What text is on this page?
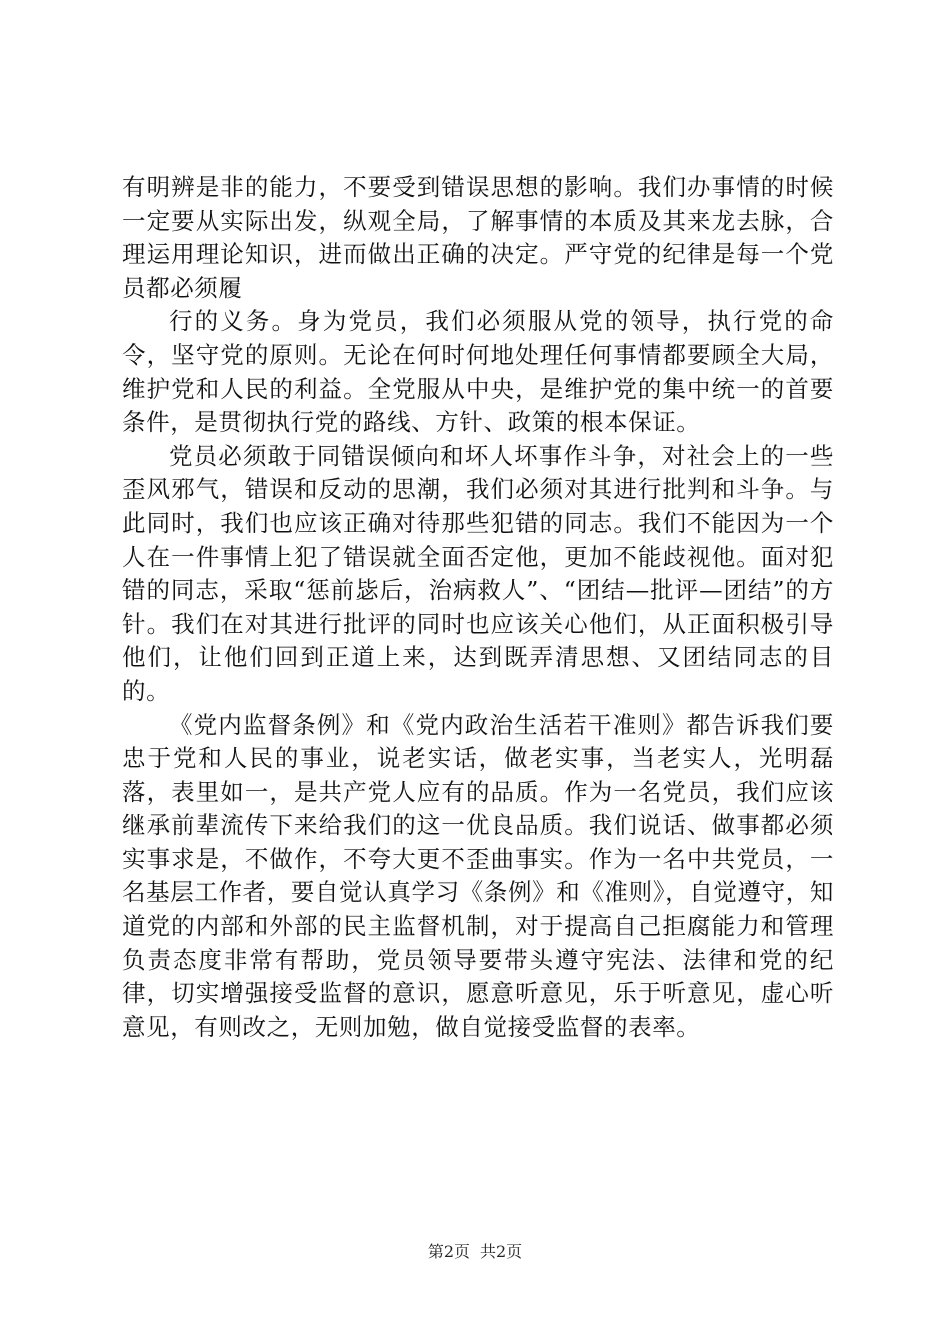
有明辨是非的能力，不要受到错误思想的影响。我们办事情的时候一定要从实际出发，纵观全局，了解事情的本质及其来龙去脉，合理运用理论知识，进而做出正确的决定。严守党的纪律是每一个党员都必须履

行的义务。身为党员，我们必须服从党的领导，执行党的命令，坚守党的原则。无论在何时何地处理任何事情都要顾全大局，维护党和人民的利益。全党服从中央，是维护党的集中统一的首要条件，是贯彻执行党的路线、方针、政策的根本保证。

党员必须敢于同错误倾向和坏人坏事作斗争，对社会上的一些歪风邪气，错误和反动的思潮，我们必须对其进行批判和斗争。与此同时，我们也应该正确对待那些犯错的同志。我们不能因为一个人在一件事情上犯了错误就全面否定他，更加不能歧视他。面对犯错的同志，采取“惩前毖后，治病救人”、“团结—批评—团结”的方针。我们在对其进行批评的同时也应该关心他们，从正面积极引导他们，让他们回到正道上来，达到既弄清思想、又团结同志的目的。

《党内监督条例》和《党内政治生活若干准则》都告诉我们要忠于党和人民的事业，说老实话，做老实事，当老实人，光明磊落，表里如一，是共产党人应有的品质。作为一名党员，我们应该继承前辈流传下来给我们的这一优良品质。我们说话、做事都必须实事求是，不做作，不夸大更不歪曲事实。作为一名中共党员，一名基层工作者，要自觉认真学习《条例》和《准则》，自觉遵守，知道党的内部和外部的民主监督机制，对于提高自己拒腐能力和管理负责态度非常有帮助，党员领导要带头遵守宪法、法律和党的纪律，切实增强接受监督的意识，愿意听意见，乐于听意见，虚心听意见，有则改之，无则加勉，做自觉接受监督的表率。

第2页 共2页
